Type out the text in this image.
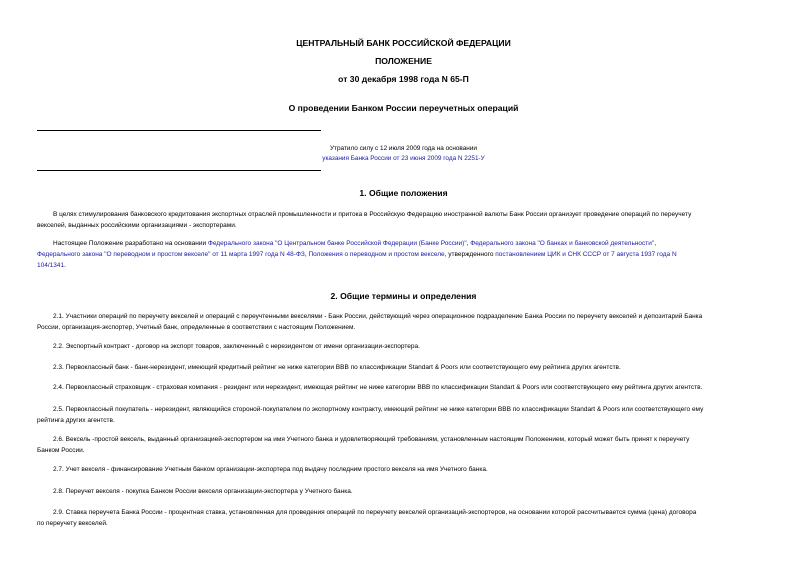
ЦЕНТРАЛЬНЫЙ БАНК РОССИЙСКОЙ ФЕДЕРАЦИИ
ПОЛОЖЕНИЕ
от 30 декабря 1998 года N 65-П
О проведении Банком России переучетных операций
Утратило силу с 12 июля 2009 года на основании
указания Банка России от 23 июня 2009 года N 2251-У
1. Общие положения
В целях стимулирования банковского кредитования экспортных отраслей промышленности и притока в Российскую Федерацию иностранной валюты Банк России организует проведение операций по переучету
векселей, выданных российскими организациями - экспортерами.
Настоящее Положение разработано на основании Федерального закона "О Центральном банке Российской Федерации (Банке России)", Федерального закона "О банках и банковской деятельности",
Федерального закона "О переводном и простом векселе" от 11 марта 1997 года N 48-ФЗ, Положения о переводном и простом векселе, утвержденного постановлением ЦИК и СНК СССР от 7 августа 1937 года N
104/1341.
2. Общие термины и определения
2.1. Участники операций по переучету векселей и операций с переучтенными векселями - Банк России, действующий через операционное подразделение Банка России по переучету векселей и депозитарий Банка
России, организация-экспортер, Учетный банк, определенные в соответствии с настоящим Положением.
2.2. Экспортный контракт - договор на экспорт товаров, заключенный с нерезидентом от имени организации-экспортера.
2.3. Первоклассный банк - банк-нерезидент, имеющий кредитный рейтинг не ниже категории BBB по классификации Standart & Poors или соответствующего ему рейтинга других агентств.
2.4. Первоклассный страховщик - страховая компания - резидент или нерезидент, имеющая рейтинг не ниже категории BBB по классификации Standart & Poors или соответствующего ему рейтинга других агентств.
2.5. Первоклассный покупатель - нерезидент, являющийся стороной-покупателем по экспортному контракту, имеющий рейтинг не ниже категории BBB по классификации Standart & Poors или соответствующего ему
рейтинга других агентств.
2.6. Вексель -простой вексель, выданный организацией-экспортером на имя Учетного банка и удовлетворяющий требованиям, установленным настоящим Положением, который может быть принят к переучету
Банком России.
2.7. Учет векселя - финансирование Учетным банком организации-экспортера под выдачу последним простого векселя на имя Учетного банка.
2.8. Переучет векселя - покупка Банком России векселя организации-экспортера у Учетного банка.
2.9. Ставка переучета Банка России - процентная ставка, установленная для проведения операций по переучету векселей организаций-экспортеров, на основании которой рассчитывается сумма (цена) договора
по переучету векселей.
